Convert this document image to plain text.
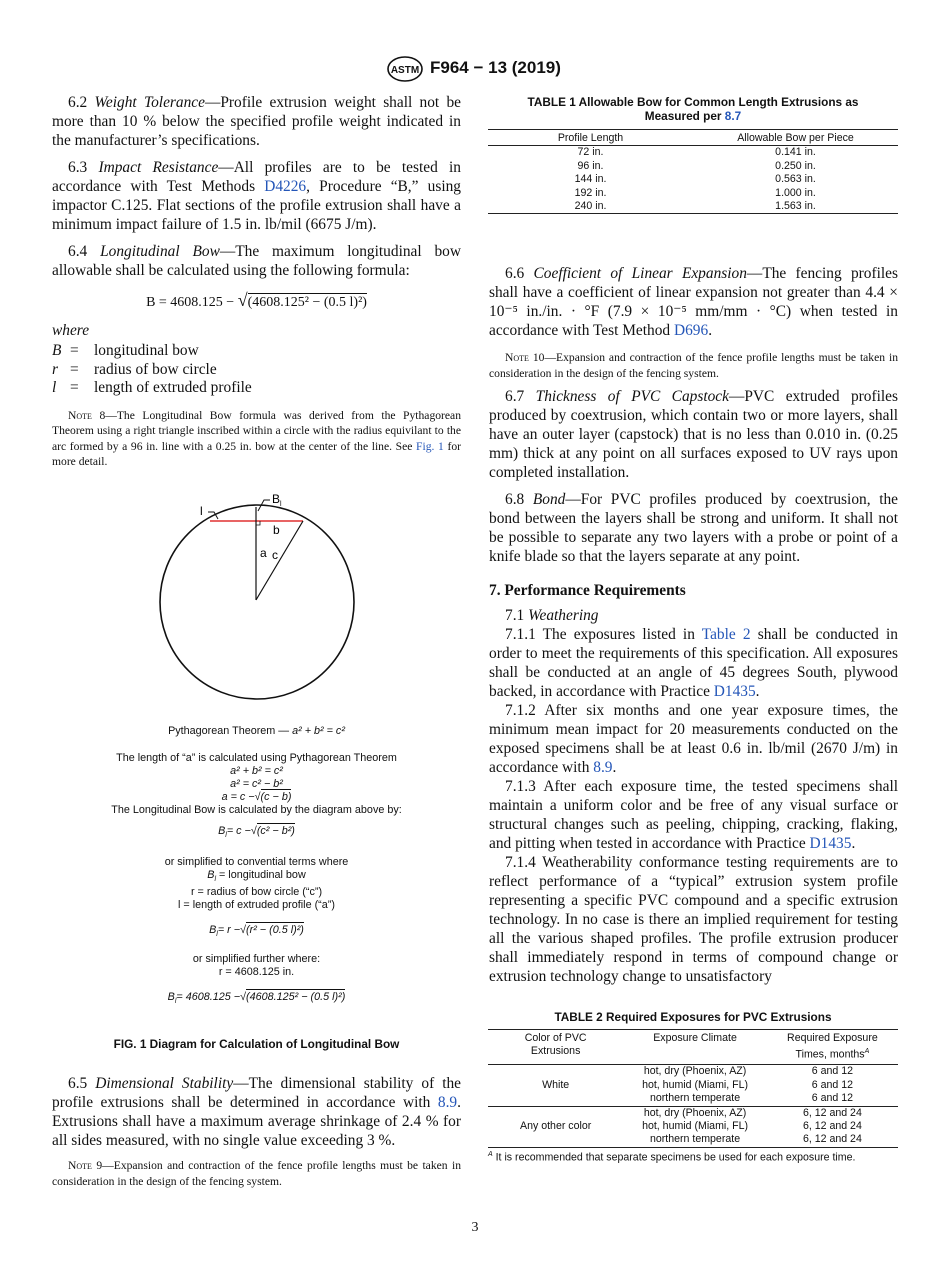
ASTM F964 − 13 (2019)

6.2 Weight Tolerance—Profile extrusion weight shall not be more than 10 % below the specified profile weight indicated in the manufacturer’s specifications.

6.3 Impact Resistance—All profiles are to be tested in accordance with Test Methods D4226, Procedure “B,” using impactor C.125. Flat sections of the profile extrusion shall have a minimum impact failure of 1.5 in. lb/mil (6675 J/m).

6.4 Longitudinal Bow—The maximum longitudinal bow allowable shall be calculated using the following formula:

B = 4608.125 − √(4608.125² − (0.5 l)²)
where
B = longitudinal bow
r = radius of bow circle
l = length of extruded profile

Note 8—The Longitudinal Bow formula was derived from the Pythagorean Theorem using a right triangle inscribed within a circle with the radius equivilant to the arc formed by a 96 in. line with a 0.25 in. bow at the center of the line. See Fig. 1 for more detail.

l
$B_l$
b
a c
Pythagorean Theorem — a² + b² = c²
The length of “a” is calculated using Pythagorean Theorem
a² + b² = c²
a² = c² − b²
a = c −√(c − b)
The Longitudinal Bow is calculated by the diagram above by:
$B_l= c -√(c^2 - b^2)$
or simplified to convential terms where
$B_l$ = longitudinal bow
r = radius of bow circle (“c”)
l = length of extruded profile (“a”)
$B_l= r -√(r^2 - (0.5$ l)²)
or simplified further where:
r = 4608.125 in.
$B_l= 4608.125 -√(4608.125^2 - (0.5$ l)²)
FIG. 1 Diagram for Calculation of Longitudinal Bow

6.5 Dimensional Stability—The dimensional stability of the profile extrusions shall be determined in accordance with 8.9. Extrusions shall have a maximum average shrinkage of 2.4 % for all sides measured, with no single value exceeding 3 %.

Note 9—Expansion and contraction of the fence profile lengths must be taken in consideration in the design of the fencing system.

TABLE 1 Allowable Bow for Common Length Extrusions as Measured per 8.7
Profile Length	Allowable Bow per Piece
72 in.	0.141 in.
96 in.	0.250 in.
144 in.	0.563 in.
192 in.	1.000 in.
240 in.	1.563 in.

6.6 Coefficient of Linear Expansion—The fencing profiles shall have a coefficient of linear expansion not greater than 4.4 × 10⁻⁵ in./in. · °F (7.9 × 10⁻⁵ mm/mm · °C) when tested in accordance with Test Method D696.

Note 10—Expansion and contraction of the fence profile lengths must be taken in consideration in the design of the fencing system.

6.7 Thickness of PVC Capstock—PVC extruded profiles produced by coextrusion, which contain two or more layers, shall have an outer layer (capstock) that is no less than 0.010 in. (0.25 mm) thick at any point on all surfaces exposed to UV rays upon completed installation.

6.8 Bond—For PVC profiles produced by coextrusion, the bond between the layers shall be strong and uniform. It shall not be possible to separate any two layers with a probe or point of a knife blade so that the layers separate at any point.

7. Performance Requirements

7.1 Weathering

7.1.1 The exposures listed in Table 2 shall be conducted in order to meet the requirements of this specification. All exposures shall be conducted at an angle of 45 degrees South, plywood backed, in accordance with Practice D1435.

7.1.2 After six months and one year exposure times, the minimum mean impact for 20 measurements conducted on the exposed specimens shall be at least 0.6 in. lb/mil (2670 J/m) in accordance with 8.9.

7.1.3 After each exposure time, the tested specimens shall maintain a uniform color and be free of any visual surface or structural changes such as peeling, chipping, cracking, flaking, and pitting when tested in accordance with Practice D1435.

7.1.4 Weatherability conformance testing requirements are to reflect performance of a “typical” extrusion system profile representing a specific PVC compound and a specific extrusion technology. In no case is there an implied requirement for testing all the various shaped profiles. The profile extrusion producer shall immediately respond in terms of compound change or extrusion technology change to unsatisfactory

TABLE 2 Required Exposures for PVC Extrusions
Color of PVC Extrusions	Exposure Climate	Required Exposure Times, months$^A$
White	hot, dry (Phoenix, AZ)	6 and 12
	hot, humid (Miami, FL)	6 and 12
	northern temperate	6 and 12
Any other color	hot, dry (Phoenix, AZ)	6, 12 and 24
	hot, humid (Miami, FL)	6, 12 and 24
	northern temperate	6, 12 and 24
$^A$ It is recommended that separate specimens be used for each exposure time.
3
